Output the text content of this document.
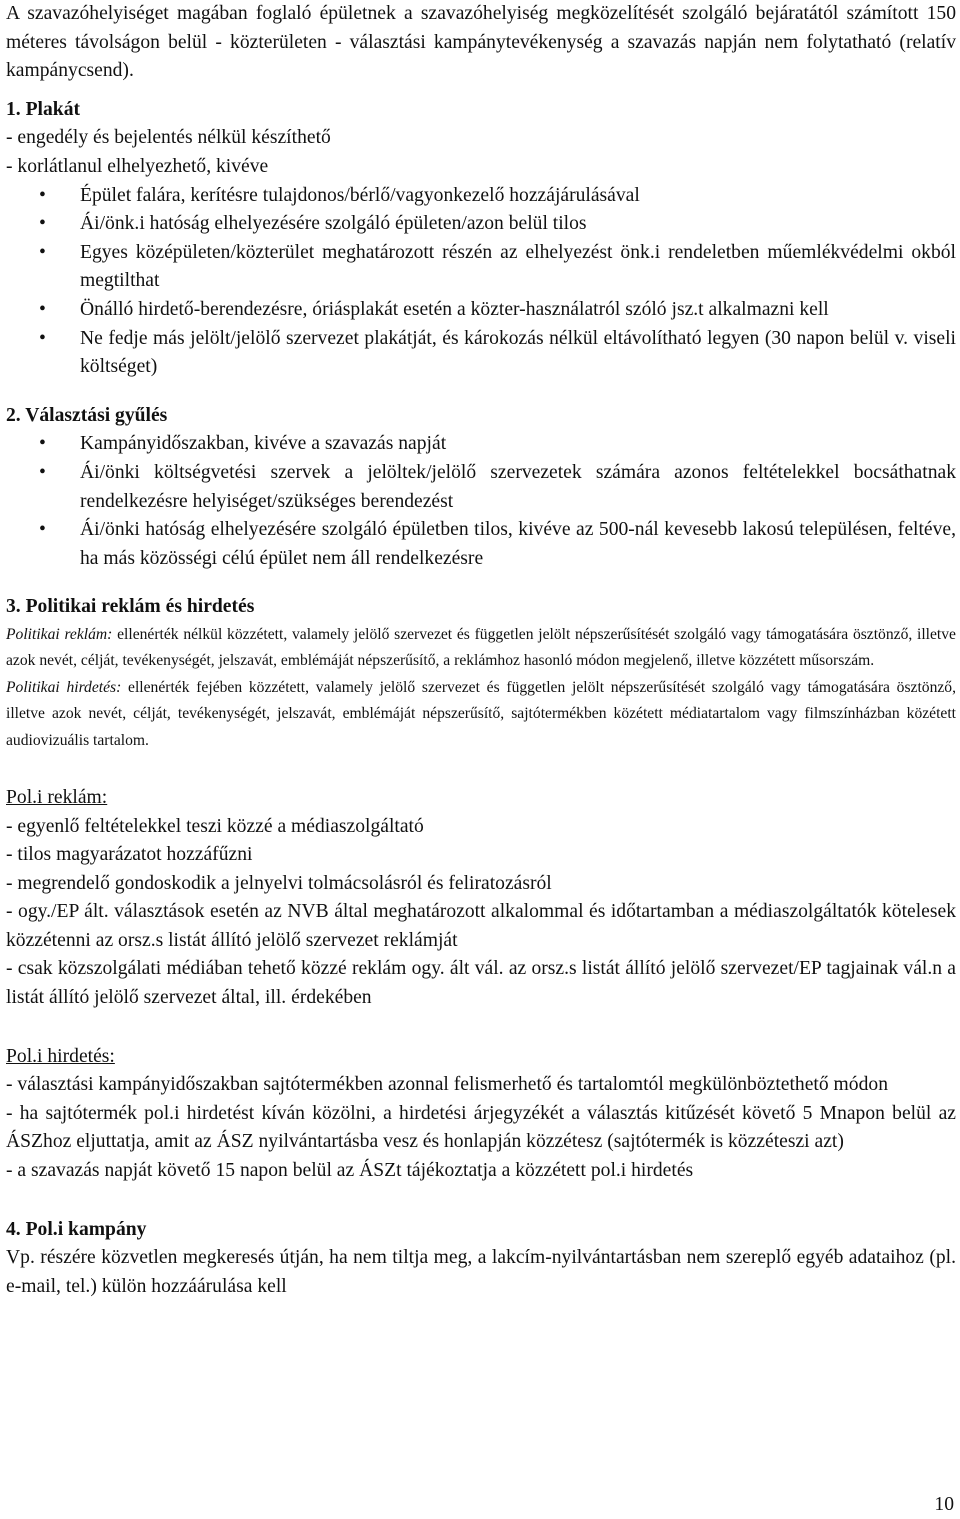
A szavazóhelyiséget magában foglaló épületnek a szavazóhelyiség megközelítését szolgáló bejáratától számított 150 méteres távolságon belül - közterületen - választási kampánytevékenység a szavazás napján nem folytatható (relatív kampánycsend).

1. Plakát

- engedély és bejelentés nélkül készíthető

- korlátlanul elhelyezhető, kivéve

• Épület falára, kerítésre tulajdonos/bérlő/vagyonkezelő hozzájárulásával
• Ái/önk.i hatóság elhelyezésére szolgáló épületen/azon belül tilos
• Egyes középületen/közterület meghatározott részén az elhelyezést önk.i rendeletben műemlékvédelmi okból megtilthat
• Önálló hirdető-berendezésre, óriásplakát esetén a közter-használatról szóló jsz.t alkalmazni kell
• Ne fedje más jelölt/jelölő szervezet plakátját, és károkozás nélkül eltávolítható legyen (30 napon belül v. viseli költséget)

2. Választási gyűlés

• Kampányidőszakban, kivéve a szavazás napját
• Ái/önki költségvetési szervek a jelöltek/jelölő szervezetek számára azonos feltételekkel bocsáthatnak rendelkezésre helyiséget/szükséges berendezést
• Ái/önki hatóság elhelyezésére szolgáló épületben tilos, kivéve az 500-nál kevesebb lakosú településen, feltéve, ha más közösségi célú épület nem áll rendelkezésre

3. Politikai reklám és hirdetés

Politikai reklám: ellenérték nélkül közzétett, valamely jelölő szervezet és független jelölt népszerűsítését szolgáló vagy támogatására ösztönző, illetve azok nevét, célját, tevékenységét, jelszavát, emblémáját népszerűsítő, a reklámhoz hasonló módon megjelenő, illetve közzétett műsorszám.

Politikai hirdetés: ellenérték fejében közzétett, valamely jelölő szervezet és független jelölt népszerűsítését szolgáló vagy támogatására ösztönző, illetve azok nevét, célját, tevékenységét, jelszavát, emblémáját népszerűsítő, sajtótermékben közétett médiatartalom vagy filmszínházban közétett audiovizuális tartalom.

Pol.i reklám:

- egyenlő feltételekkel teszi közzé a médiaszolgáltató

- tilos magyarázatot hozzáfűzni

- megrendelő gondoskodik a jelnyelvi tolmácsolásról és feliratozásról

- ogy./EP ált. választások esetén az NVB által meghatározott alkalommal és időtartamban a médiaszolgáltatók kötelesek közzétenni az orsz.s listát állító jelölő szervezet reklámját

- csak közszolgálati médiában tehető közzé reklám ogy. ált vál. az orsz.s listát állító jelölő szervezet/EP tagjainak vál.n a listát állító jelölő szervezet által, ill. érdekében

Pol.i hirdetés:

- választási kampányidőszakban sajtótermékben azonnal felismerhető és tartalomtól megkülönböztethető módon

- ha sajtótermék pol.i hirdetést kíván közölni, a hirdetési árjegyzékét a választás kitűzését követő 5 Mnapon belül az ÁSZhoz eljuttatja, amit az ÁSZ nyilvántartásba vesz és honlapján közzétesz (sajtótermék is közzéteszi azt)

- a szavazás napját követő 15 napon belül az ÁSZt tájékoztatja a közzétett pol.i hirdetés

4. Pol.i kampány

Vp. részére közvetlen megkeresés útján, ha nem tiltja meg, a lakcím-nyilvántartásban nem szereplő egyéb adataihoz (pl. e-mail, tel.) külön hozzáárulása kell

10
